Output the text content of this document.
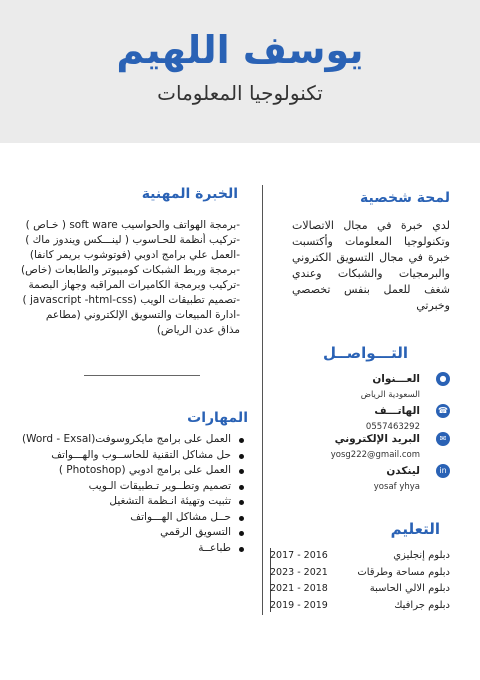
يوسف اللهيم
تكنولوجيا المعلومات
لمحة شخصية
لدي خبرة في مجال الاتصالات وتكنولوجيا المعلومات وأكتسبت خبرة في مجال التسويق الكتروني والبرمجيات والشبكات وعندي شغف للعمل بنفس تخصصي وخبرتي
التـــواصــل
●
العـــنوان
السعودية الرياض
☎
الهاتـــف
0557463292
✉
البريد الإلكتروني
yosg222@gmail.com
in
لينكدن
yosaf yhya
التعليم
2017 - 2016	دبلوم إنجليزي
2023 - 2021	دبلوم مساحة وطرقات
2021 - 2018	دبلوم الالي الحاسبة
2019 - 2019	دبلوم جرافيك
الخبرة المهنية
-برمجة الهواتف والحواسيب soft ware ( خـاص )
-تركيب أنظمة للحـاسوب ( لينـــكس ويندوز ماك )
-العمل علي برامج ادوبي (فوتوشوب بريمر كانفا)
-برمجة وربط الشبكات كومبيوتر والطابعات (خاص)
-تركيب وبرمجة الكاميرات المراقبه وجهاز البصمة
-تصميم تطبيقات الويب (javascript -html-css )
-ادارة المبيعات والتسويق الإلكتروني (مطاعم
مذاق عدن الرياض)
المهارات
العمل على برامج مايكروسوفت(Word - Exsal)
حل مشاكل التقنية للحاســوب والهـــواتف
العمل على برامج ادوبي (Photoshop )
تصميم وتطــوير تـطبيقات الـويب
تثبيت وتهيئة انـظمة التشغيل
حــل مشاكل الهـــواتف
التسويق الرقمي
طباعــة
